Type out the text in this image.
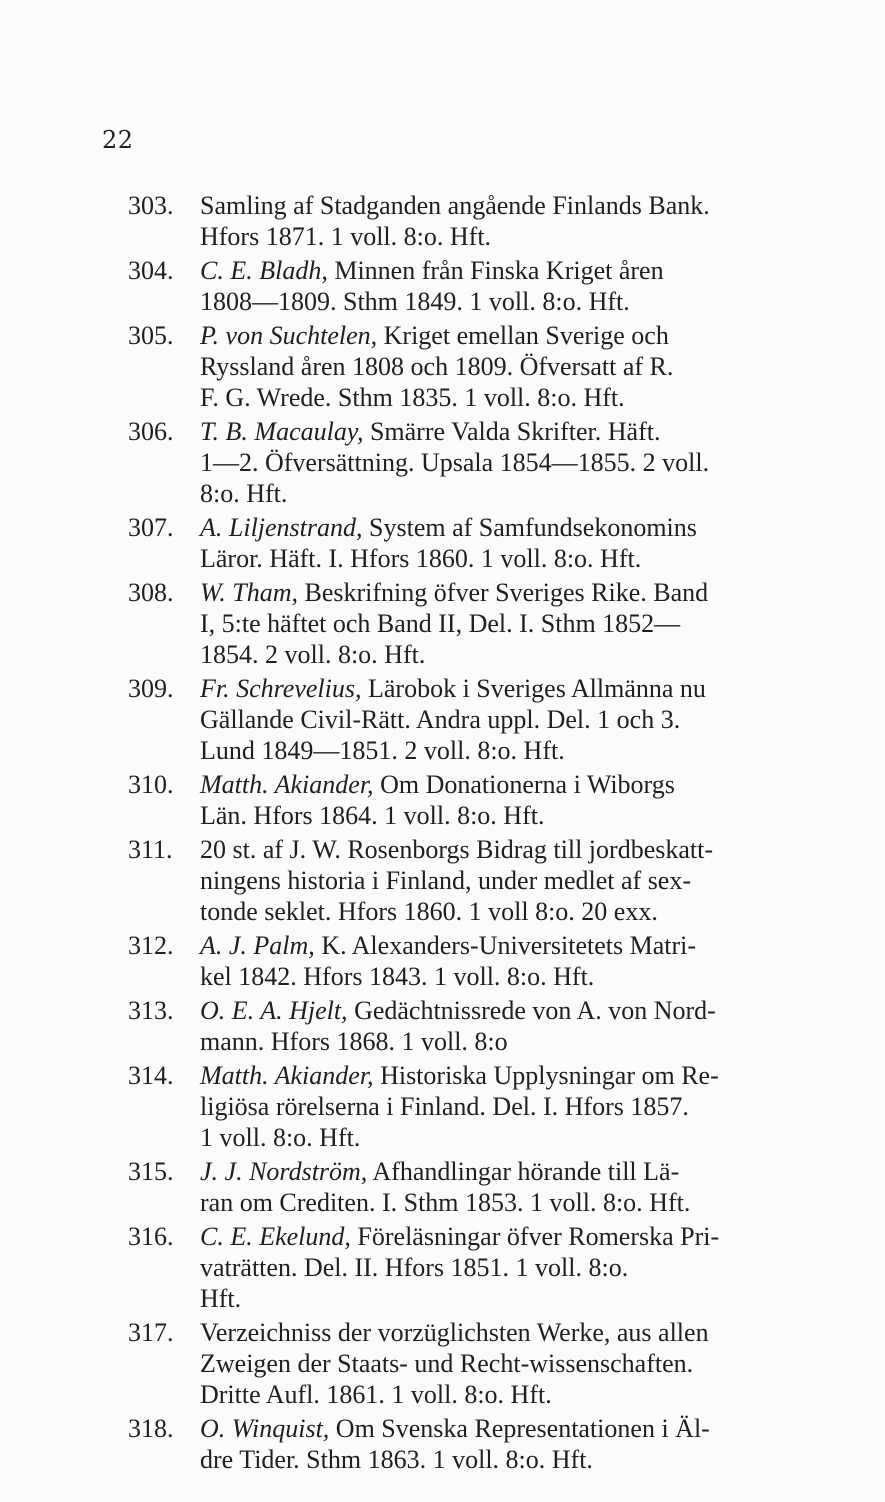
22
303.	Samling af Stadganden angående Finlands Bank.
Hfors 1871. 1 voll. 8:o. Hft.
304.	C. E. Bladh, Minnen från Finska Kriget åren
1808—1809. Sthm 1849. 1 voll. 8:o. Hft.
305.	P. von Suchtelen, Kriget emellan Sverige och
Ryssland åren 1808 och 1809. Öfversatt af R.
F. G. Wrede. Sthm 1835. 1 voll. 8:o. Hft.
306.	T. B. Macaulay, Smärre Valda Skrifter. Häft.
1—2. Öfversättning. Upsala 1854—1855. 2 voll.
8:o. Hft.
307.	A. Liljenstrand, System af Samfundsekonomins
Läror. Häft. I. Hfors 1860. 1 voll. 8:o. Hft.
308.	W. Tham, Beskrifning öfver Sveriges Rike. Band
I, 5:te häftet och Band II, Del. I. Sthm 1852—
1854. 2 voll. 8:o. Hft.
309.	Fr. Schrevelius, Lärobok i Sveriges Allmänna nu
Gällande Civil-Rätt. Andra uppl. Del. 1 och 3.
Lund 1849—1851. 2 voll. 8:o. Hft.
310.	Matth. Akiander, Om Donationerna i Wiborgs
Län. Hfors 1864. 1 voll. 8:o. Hft.
311.	20 st. af J. W. Rosenborgs Bidrag till jordbeskatt-
ningens historia i Finland, under medlet af sex-
tonde seklet. Hfors 1860. 1 voll 8:o. 20 exx.
312.	A. J. Palm, K. Alexanders-Universitetets Matri-
kel 1842. Hfors 1843. 1 voll. 8:o. Hft.
313.	O. E. A. Hjelt, Gedächtnissrede von A. von Nord-
mann. Hfors 1868. 1 voll. 8:o
314.	Matth. Akiander, Historiska Upplysningar om Re-
ligiösa rörelserna i Finland. Del. I. Hfors 1857.
1 voll. 8:o. Hft.
315.	J. J. Nordström, Afhandlingar hörande till Lä-
ran om Crediten. I. Sthm 1853. 1 voll. 8:o. Hft.
316.	C. E. Ekelund, Föreläsningar öfver Romerska Pri-
vaträtten. Del. II. Hfors 1851. 1 voll. 8:o.
Hft.
317.	Verzeichniss der vorzüglichsten Werke, aus allen
Zweigen der Staats- und Recht-wissenschaften.
Dritte Aufl. 1861. 1 voll. 8:o. Hft.
318.	O. Winquist, Om Svenska Representationen i Äl-
dre Tider. Sthm 1863. 1 voll. 8:o. Hft.
